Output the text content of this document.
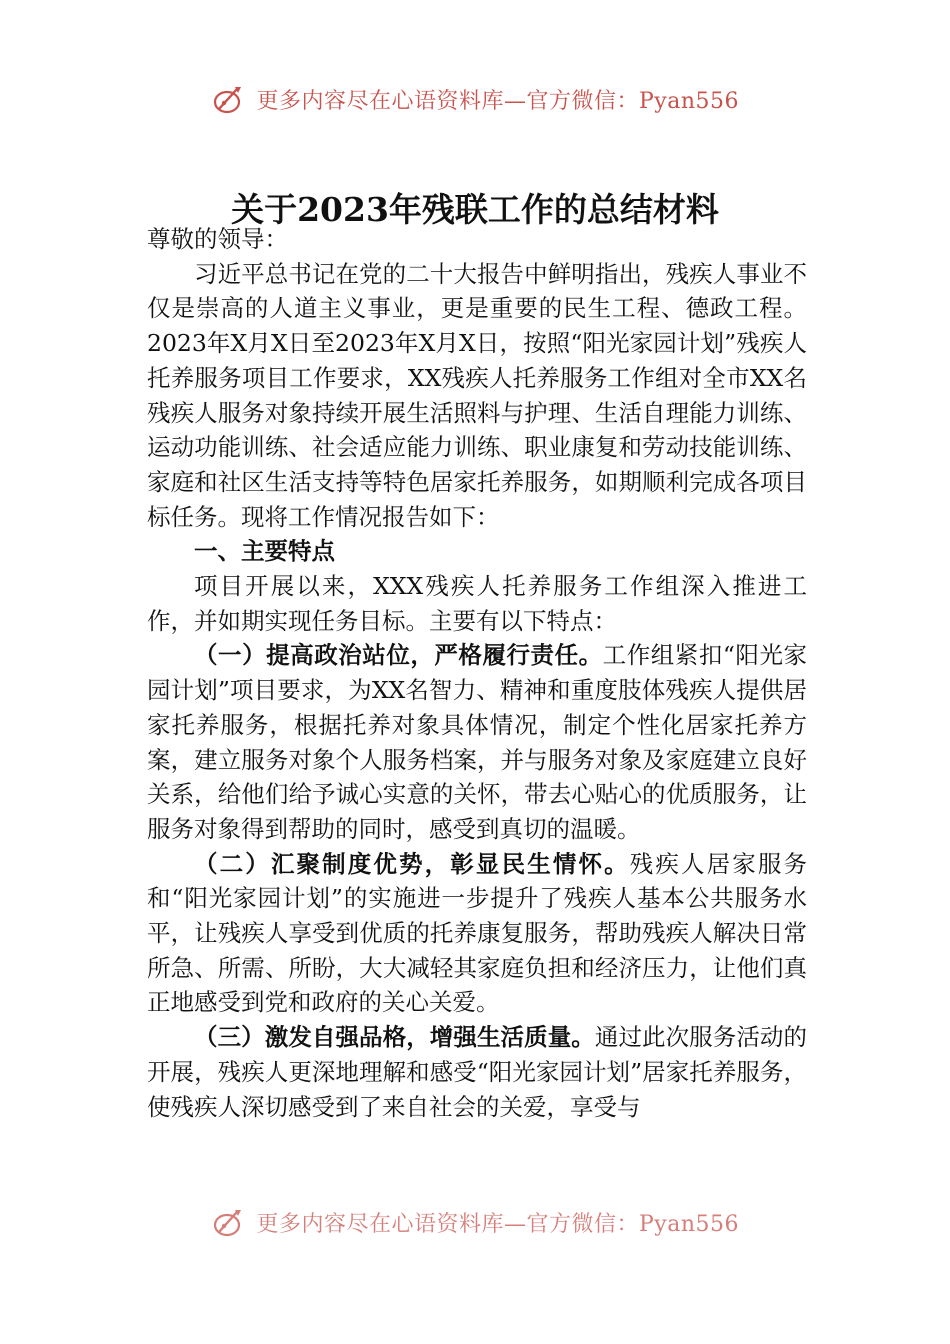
更多内容尽在心语资料库—官方微信：Pyan556
关于2023年残联工作的总结材料

尊敬的领导：

习近平总书记在党的二十大报告中鲜明指出，残疾人事业不仅是崇高的人道主义事业，更是重要的民生工程、德政工程。2023年X月X日至2023年X月X日，按照“阳光家园计划”残疾人托养服务项目工作要求，XX残疾人托养服务工作组对全市XX名残疾人服务对象持续开展生活照料与护理、生活自理能力训练、运动功能训练、社会适应能力训练、职业康复和劳动技能训练、家庭和社区生活支持等特色居家托养服务，如期顺利完成各项目标任务。现将工作情况报告如下：

一、主要特点

项目开展以来，XXX残疾人托养服务工作组深入推进工作，并如期实现任务目标。主要有以下特点：

（一）提高政治站位，严格履行责任。工作组紧扣“阳光家园计划”项目要求，为XX名智力、精神和重度肢体残疾人提供居家托养服务，根据托养对象具体情况，制定个性化居家托养方案，建立服务对象个人服务档案，并与服务对象及家庭建立良好关系，给他们给予诚心实意的关怀，带去心贴心的优质服务，让服务对象得到帮助的同时，感受到真切的温暖。

（二）汇聚制度优势，彰显民生情怀。残疾人居家服务和“阳光家园计划”的实施进一步提升了残疾人基本公共服务水平，让残疾人享受到优质的托养康复服务，帮助残疾人解决日常所急、所需、所盼，大大减轻其家庭负担和经济压力，让他们真正地感受到党和政府的关心关爱。

（三）激发自强品格，增强生活质量。通过此次服务活动的开展，残疾人更深地理解和感受“阳光家园计划”居家托养服务，使残疾人深切感受到了来自社会的关爱，享受与

更多内容尽在心语资料库—官方微信：Pyan556
